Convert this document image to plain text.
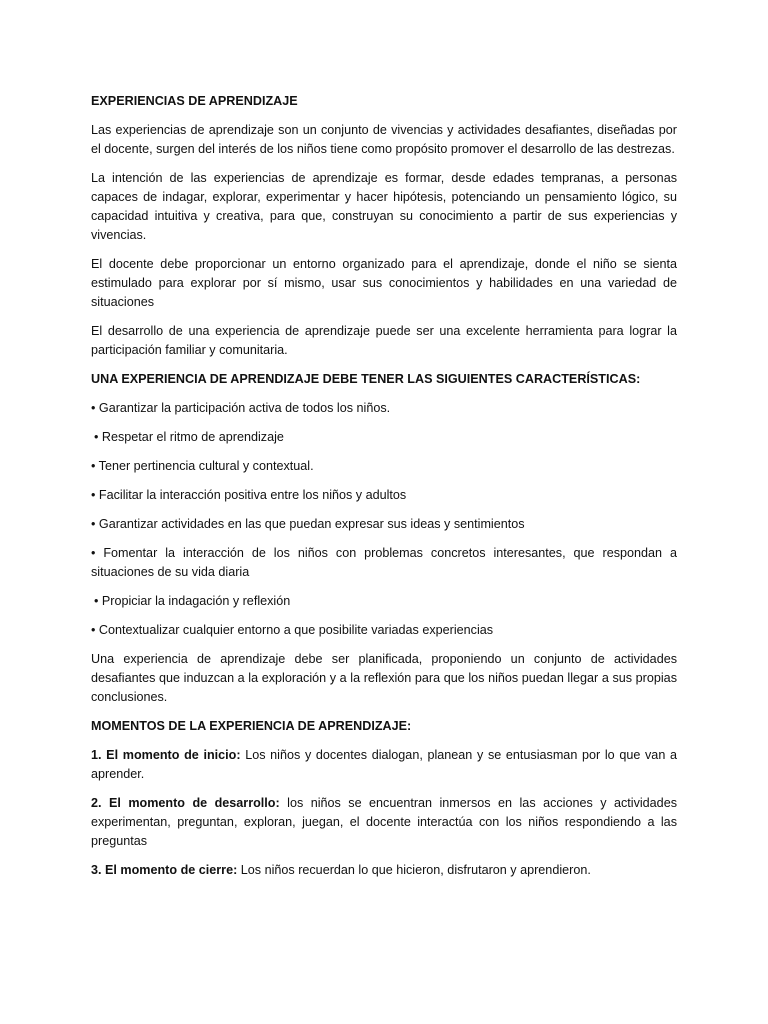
EXPERIENCIAS DE APRENDIZAJE

Las experiencias de aprendizaje son un conjunto de vivencias y actividades desafiantes, diseñadas por el docente, surgen del interés de los niños tiene como propósito promover el desarrollo de las destrezas.

La intención de las experiencias de aprendizaje es formar, desde edades tempranas, a personas capaces de indagar, explorar, experimentar y hacer hipótesis, potenciando un pensamiento lógico, su capacidad intuitiva y creativa, para que, construyan su conocimiento a partir de sus experiencias y vivencias.

El docente debe proporcionar un entorno organizado para el aprendizaje, donde el niño se sienta estimulado para explorar por sí mismo, usar sus conocimientos y habilidades en una variedad de situaciones

El desarrollo de una experiencia de aprendizaje puede ser una excelente herramienta para lograr la participación familiar y comunitaria.

UNA EXPERIENCIA DE APRENDIZAJE DEBE TENER LAS SIGUIENTES CARACTERÍSTICAS:

• Garantizar la participación activa de todos los niños.

• Respetar el ritmo de aprendizaje

• Tener pertinencia cultural y contextual.

• Facilitar la interacción positiva entre los niños y adultos

• Garantizar actividades en las que puedan expresar sus ideas y sentimientos

• Fomentar la interacción de los niños con problemas concretos interesantes, que respondan a situaciones de su vida diaria

• Propiciar la indagación y reflexión

• Contextualizar cualquier entorno a que posibilite variadas experiencias

Una experiencia de aprendizaje debe ser planificada, proponiendo un conjunto de actividades desafiantes que induzcan a la exploración y a la reflexión para que los niños puedan llegar a sus propias conclusiones.

MOMENTOS DE LA EXPERIENCIA DE APRENDIZAJE:

1. El momento de inicio: Los niños y docentes dialogan, planean y se entusiasman por lo que van a aprender.

2. El momento de desarrollo: los niños se encuentran inmersos en las acciones y actividades experimentan, preguntan, exploran, juegan, el docente interactúa con los niños respondiendo a las preguntas

3. El momento de cierre: Los niños recuerdan lo que hicieron, disfrutaron y aprendieron.
